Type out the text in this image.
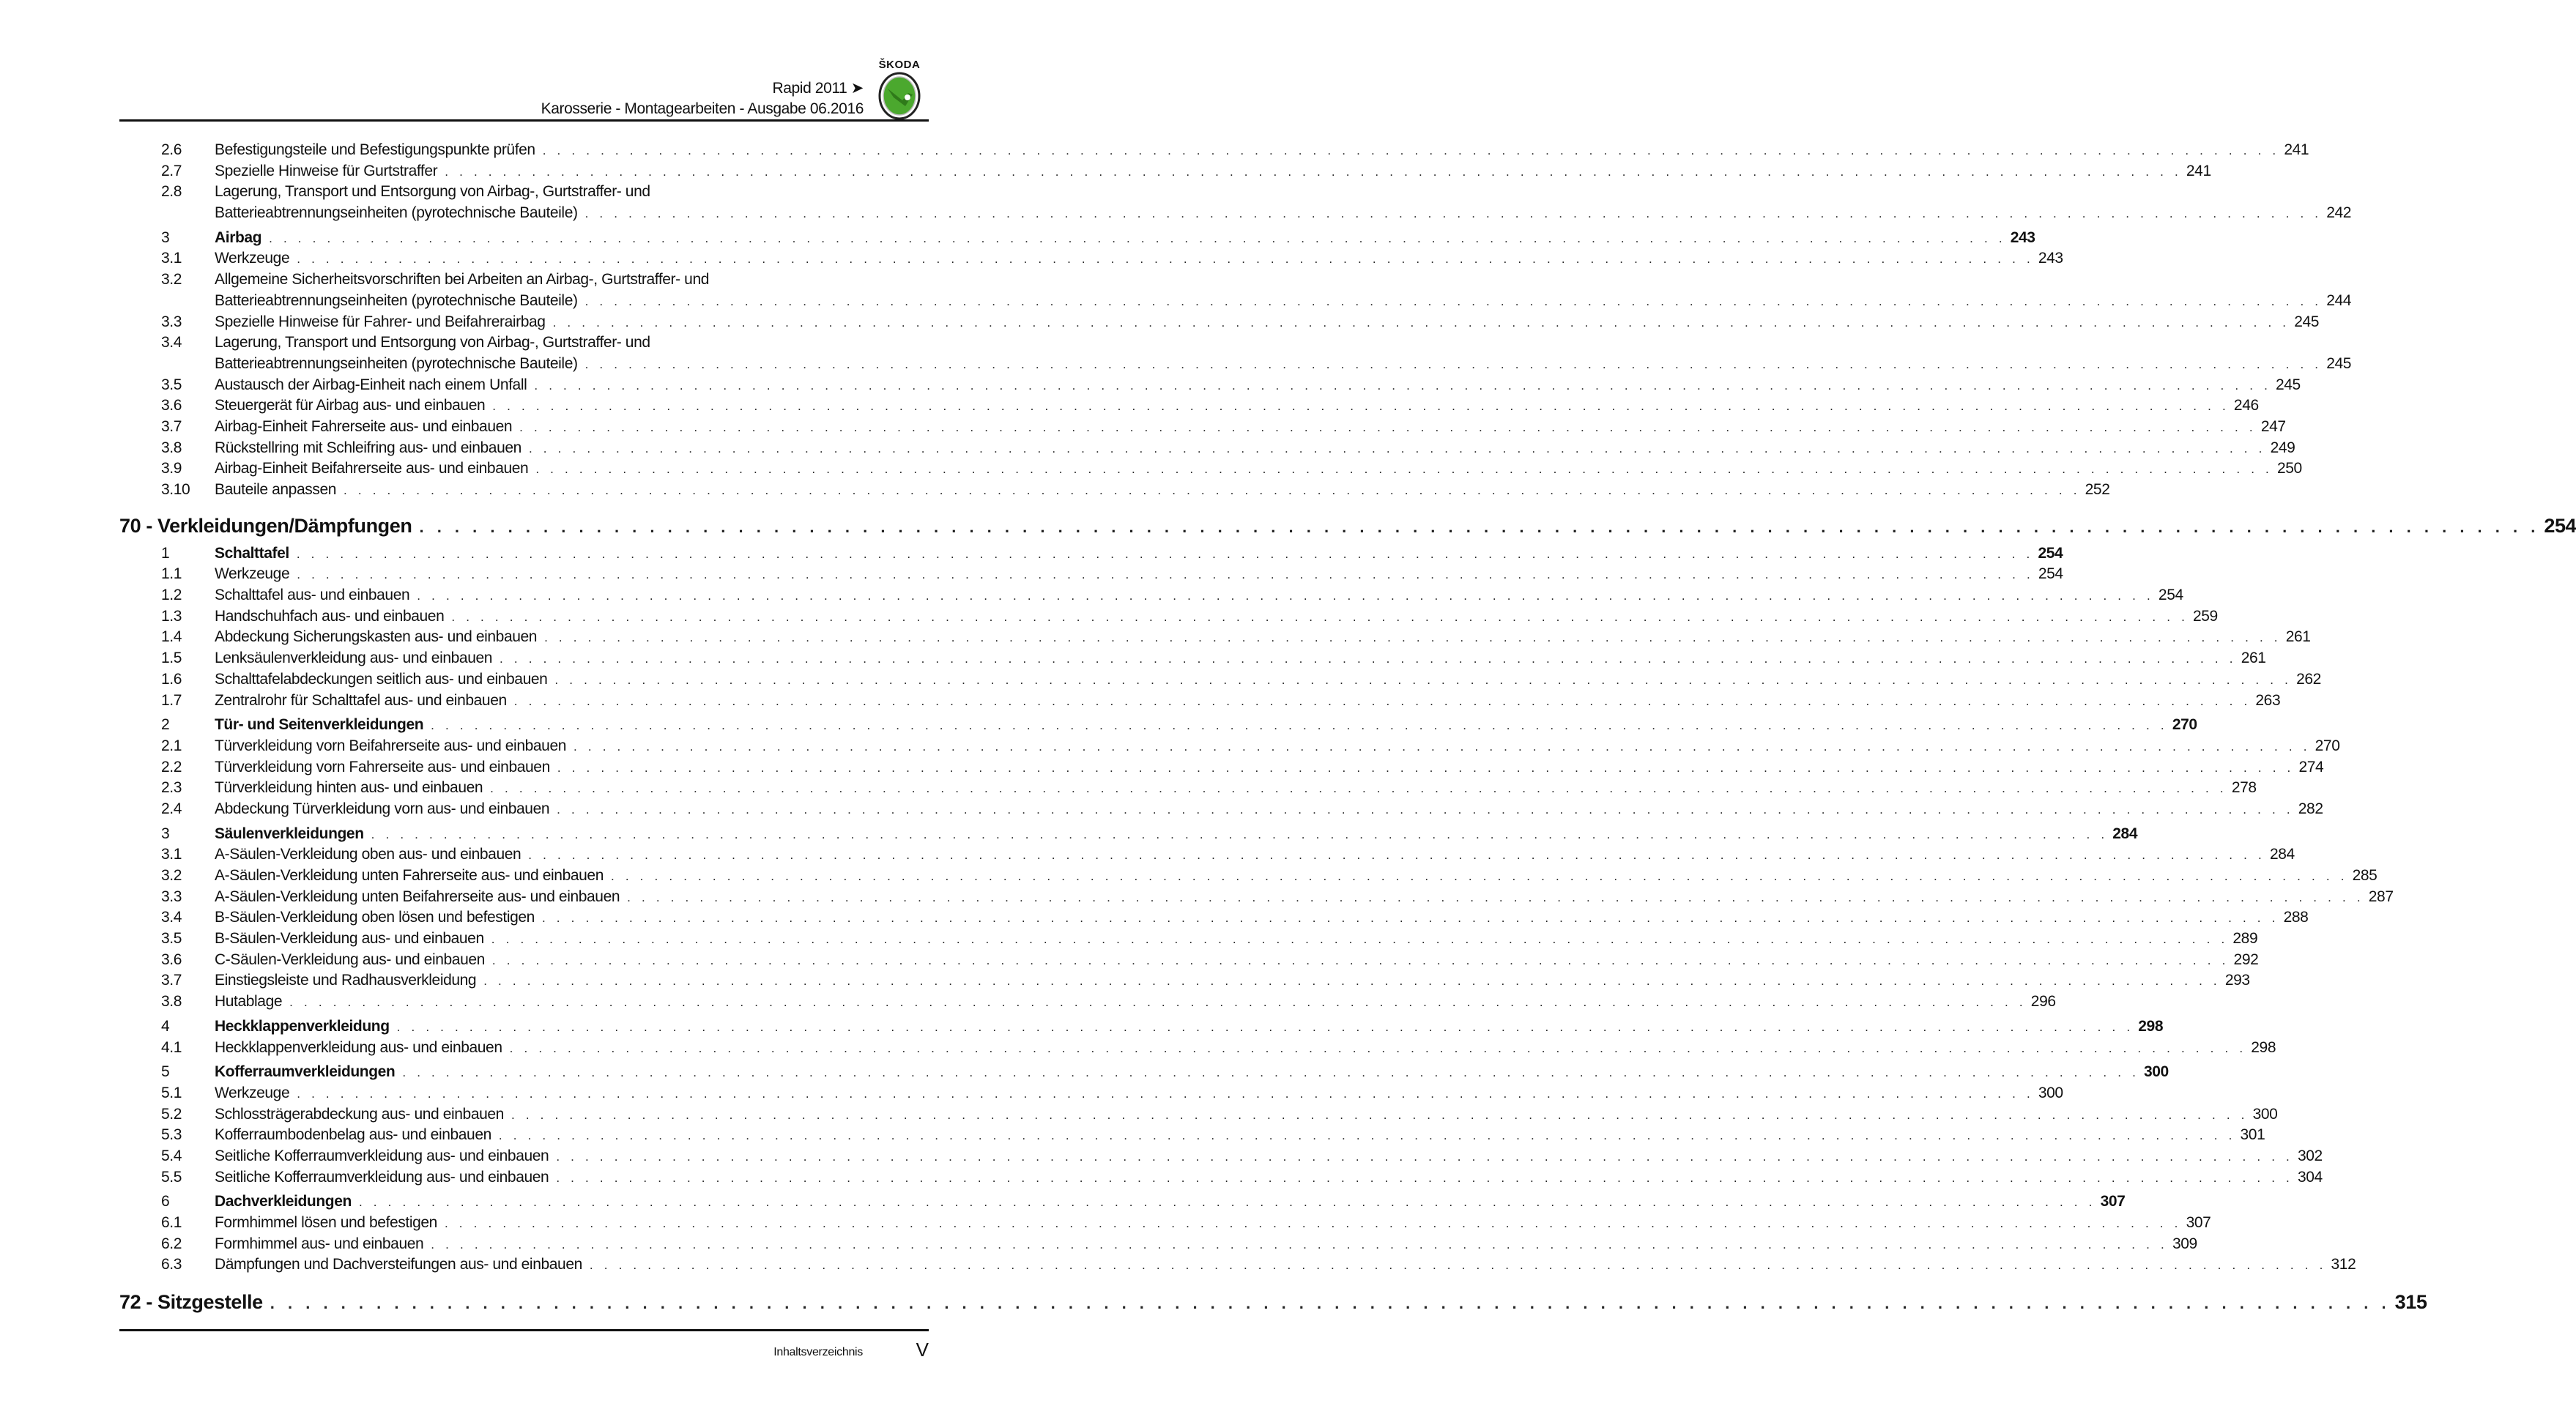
Rapid 2011 ➤
Karosserie - Montagearbeiten - Ausgabe 06.2016
ŠKODA
2.6	Befestigungsteile und Befestigungspunkte prüfen . . . . . . . . . . . . . . . . . . . . . . . . . . . . . . . . . . . . . . . . . . . . . . . . . . . . . . . . . . . . . . . . . . . . . . . . . . . . . . . . . . . . . . . . . . . . . . . . . . . . . . . . . . . . . . . . . . . . . . . . 241
2.7	Spezielle Hinweise für Gurtstraffer . . . . . . . . . . . . . . . . . . . . . . . . . . . . . . . . . . . . . . . . . . . . . . . . . . . . . . . . . . . . . . . . . . . . . . . . . . . . . . . . . . . . . . . . . . . . . . . . . . . . . . . . . . . . . . . . . . . . . . . . 241
2.8	Lagerung, Transport und Entsorgung von Airbag-, Gurtstraffer- und
Batterieabtrennungseinheiten (pyrotechnische Bauteile) . . . . . . . . . . . . . . . . . . . . . . . . . . . . . . . . . . . . . . . . . . . . . . . . . . . . . . . . . . . . . . . . . . . . . . . . . . . . . . . . . . . . . . . . . . . . . . . . . . . . . . . . . . . . . . . . . . . . . . . . 242
3	Airbag . . . . . . . . . . . . . . . . . . . . . . . . . . . . . . . . . . . . . . . . . . . . . . . . . . . . . . . . . . . . . . . . . . . . . . . . . . . . . . . . . . . . . . . . . . . . . . . . . . . . . . . . . . . . . . . . . . . . . . . . 243
3.1	Werkzeuge . . . . . . . . . . . . . . . . . . . . . . . . . . . . . . . . . . . . . . . . . . . . . . . . . . . . . . . . . . . . . . . . . . . . . . . . . . . . . . . . . . . . . . . . . . . . . . . . . . . . . . . . . . . . . . . . . . . . . . . . 243
3.2	Allgemeine Sicherheitsvorschriften bei Arbeiten an Airbag-, Gurtstraffer- und
Batterieabtrennungseinheiten (pyrotechnische Bauteile) . . . . . . . . . . . . . . . . . . . . . . . . . . . . . . . . . . . . . . . . . . . . . . . . . . . . . . . . . . . . . . . . . . . . . . . . . . . . . . . . . . . . . . . . . . . . . . . . . . . . . . . . . . . . . . . . . . . . . . . . 244
3.3	Spezielle Hinweise für Fahrer- und Beifahrerairbag . . . . . . . . . . . . . . . . . . . . . . . . . . . . . . . . . . . . . . . . . . . . . . . . . . . . . . . . . . . . . . . . . . . . . . . . . . . . . . . . . . . . . . . . . . . . . . . . . . . . . . . . . . . . . . . . . . . . . . . . 245
3.4	Lagerung, Transport und Entsorgung von Airbag-, Gurtstraffer- und
Batterieabtrennungseinheiten (pyrotechnische Bauteile) . . . . . . . . . . . . . . . . . . . . . . . . . . . . . . . . . . . . . . . . . . . . . . . . . . . . . . . . . . . . . . . . . . . . . . . . . . . . . . . . . . . . . . . . . . . . . . . . . . . . . . . . . . . . . . . . . . . . . . . . 245
3.5	Austausch der Airbag-Einheit nach einem Unfall . . . . . . . . . . . . . . . . . . . . . . . . . . . . . . . . . . . . . . . . . . . . . . . . . . . . . . . . . . . . . . . . . . . . . . . . . . . . . . . . . . . . . . . . . . . . . . . . . . . . . . . . . . . . . . . . . . . . . . . . 245
3.6	Steuergerät für Airbag aus- und einbauen . . . . . . . . . . . . . . . . . . . . . . . . . . . . . . . . . . . . . . . . . . . . . . . . . . . . . . . . . . . . . . . . . . . . . . . . . . . . . . . . . . . . . . . . . . . . . . . . . . . . . . . . . . . . . . . . . . . . . . . . 246
3.7	Airbag-Einheit Fahrerseite aus- und einbauen . . . . . . . . . . . . . . . . . . . . . . . . . . . . . . . . . . . . . . . . . . . . . . . . . . . . . . . . . . . . . . . . . . . . . . . . . . . . . . . . . . . . . . . . . . . . . . . . . . . . . . . . . . . . . . . . . . . . . . . . 247
3.8	Rückstellring mit Schleifring aus- und einbauen . . . . . . . . . . . . . . . . . . . . . . . . . . . . . . . . . . . . . . . . . . . . . . . . . . . . . . . . . . . . . . . . . . . . . . . . . . . . . . . . . . . . . . . . . . . . . . . . . . . . . . . . . . . . . . . . . . . . . . . . 249
3.9	Airbag-Einheit Beifahrerseite aus- und einbauen . . . . . . . . . . . . . . . . . . . . . . . . . . . . . . . . . . . . . . . . . . . . . . . . . . . . . . . . . . . . . . . . . . . . . . . . . . . . . . . . . . . . . . . . . . . . . . . . . . . . . . . . . . . . . . . . . . . . . . . . 250
3.10	Bauteile anpassen . . . . . . . . . . . . . . . . . . . . . . . . . . . . . . . . . . . . . . . . . . . . . . . . . . . . . . . . . . . . . . . . . . . . . . . . . . . . . . . . . . . . . . . . . . . . . . . . . . . . . . . . . . . . . . . . . . . . . . . . 252
70 - Verkleidungen/Dämpfungen . . . . . . . . . . . . . . . . . . . . . . . . . . . . . . . . . . . . . . . . . . . . . . . . . . . . . . . . . . . . . . . . . . . . . . . . . . . . . . . . . . . . . . . . . . . . . . . . . . . . . . . . . . . . . . . . . . . . . . . . 254
1	Schalttafel . . . . . . . . . . . . . . . . . . . . . . . . . . . . . . . . . . . . . . . . . . . . . . . . . . . . . . . . . . . . . . . . . . . . . . . . . . . . . . . . . . . . . . . . . . . . . . . . . . . . . . . . . . . . . . . . . . . . . . . . 254
1.1	Werkzeuge . . . . . . . . . . . . . . . . . . . . . . . . . . . . . . . . . . . . . . . . . . . . . . . . . . . . . . . . . . . . . . . . . . . . . . . . . . . . . . . . . . . . . . . . . . . . . . . . . . . . . . . . . . . . . . . . . . . . . . . . 254
1.2	Schalttafel aus- und einbauen . . . . . . . . . . . . . . . . . . . . . . . . . . . . . . . . . . . . . . . . . . . . . . . . . . . . . . . . . . . . . . . . . . . . . . . . . . . . . . . . . . . . . . . . . . . . . . . . . . . . . . . . . . . . . . . . . . . . . . . . 254
1.3	Handschuhfach aus- und einbauen . . . . . . . . . . . . . . . . . . . . . . . . . . . . . . . . . . . . . . . . . . . . . . . . . . . . . . . . . . . . . . . . . . . . . . . . . . . . . . . . . . . . . . . . . . . . . . . . . . . . . . . . . . . . . . . . . . . . . . . . 259
1.4	Abdeckung Sicherungskasten aus- und einbauen . . . . . . . . . . . . . . . . . . . . . . . . . . . . . . . . . . . . . . . . . . . . . . . . . . . . . . . . . . . . . . . . . . . . . . . . . . . . . . . . . . . . . . . . . . . . . . . . . . . . . . . . . . . . . . . . . . . . . . . . 261
1.5	Lenksäulenverkleidung aus- und einbauen . . . . . . . . . . . . . . . . . . . . . . . . . . . . . . . . . . . . . . . . . . . . . . . . . . . . . . . . . . . . . . . . . . . . . . . . . . . . . . . . . . . . . . . . . . . . . . . . . . . . . . . . . . . . . . . . . . . . . . . . 261
1.6	Schalttafelabdeckungen seitlich aus- und einbauen . . . . . . . . . . . . . . . . . . . . . . . . . . . . . . . . . . . . . . . . . . . . . . . . . . . . . . . . . . . . . . . . . . . . . . . . . . . . . . . . . . . . . . . . . . . . . . . . . . . . . . . . . . . . . . . . . . . . . . . . 262
1.7	Zentralrohr für Schalttafel aus- und einbauen . . . . . . . . . . . . . . . . . . . . . . . . . . . . . . . . . . . . . . . . . . . . . . . . . . . . . . . . . . . . . . . . . . . . . . . . . . . . . . . . . . . . . . . . . . . . . . . . . . . . . . . . . . . . . . . . . . . . . . . . 263
2	Tür- und Seitenverkleidungen . . . . . . . . . . . . . . . . . . . . . . . . . . . . . . . . . . . . . . . . . . . . . . . . . . . . . . . . . . . . . . . . . . . . . . . . . . . . . . . . . . . . . . . . . . . . . . . . . . . . . . . . . . . . . . . . . . . . . . . . 270
2.1	Türverkleidung vorn Beifahrerseite aus- und einbauen . . . . . . . . . . . . . . . . . . . . . . . . . . . . . . . . . . . . . . . . . . . . . . . . . . . . . . . . . . . . . . . . . . . . . . . . . . . . . . . . . . . . . . . . . . . . . . . . . . . . . . . . . . . . . . . . . . . . . . . . 270
2.2	Türverkleidung vorn Fahrerseite aus- und einbauen . . . . . . . . . . . . . . . . . . . . . . . . . . . . . . . . . . . . . . . . . . . . . . . . . . . . . . . . . . . . . . . . . . . . . . . . . . . . . . . . . . . . . . . . . . . . . . . . . . . . . . . . . . . . . . . . . . . . . . . . 274
2.3	Türverkleidung hinten aus- und einbauen . . . . . . . . . . . . . . . . . . . . . . . . . . . . . . . . . . . . . . . . . . . . . . . . . . . . . . . . . . . . . . . . . . . . . . . . . . . . . . . . . . . . . . . . . . . . . . . . . . . . . . . . . . . . . . . . . . . . . . . . 278
2.4	Abdeckung Türverkleidung vorn aus- und einbauen . . . . . . . . . . . . . . . . . . . . . . . . . . . . . . . . . . . . . . . . . . . . . . . . . . . . . . . . . . . . . . . . . . . . . . . . . . . . . . . . . . . . . . . . . . . . . . . . . . . . . . . . . . . . . . . . . . . . . . . . 282
3	Säulenverkleidungen . . . . . . . . . . . . . . . . . . . . . . . . . . . . . . . . . . . . . . . . . . . . . . . . . . . . . . . . . . . . . . . . . . . . . . . . . . . . . . . . . . . . . . . . . . . . . . . . . . . . . . . . . . . . . . . . . . . . . . . . 284
3.1	A-Säulen-Verkleidung oben aus- und einbauen . . . . . . . . . . . . . . . . . . . . . . . . . . . . . . . . . . . . . . . . . . . . . . . . . . . . . . . . . . . . . . . . . . . . . . . . . . . . . . . . . . . . . . . . . . . . . . . . . . . . . . . . . . . . . . . . . . . . . . . . 284
3.2	A-Säulen-Verkleidung unten Fahrerseite aus- und einbauen . . . . . . . . . . . . . . . . . . . . . . . . . . . . . . . . . . . . . . . . . . . . . . . . . . . . . . . . . . . . . . . . . . . . . . . . . . . . . . . . . . . . . . . . . . . . . . . . . . . . . . . . . . . . . . . . . . . . . . . . 285
3.3	A-Säulen-Verkleidung unten Beifahrerseite aus- und einbauen . . . . . . . . . . . . . . . . . . . . . . . . . . . . . . . . . . . . . . . . . . . . . . . . . . . . . . . . . . . . . . . . . . . . . . . . . . . . . . . . . . . . . . . . . . . . . . . . . . . . . . . . . . . . . . . . . . . . . . . . 287
3.4	B-Säulen-Verkleidung oben lösen und befestigen . . . . . . . . . . . . . . . . . . . . . . . . . . . . . . . . . . . . . . . . . . . . . . . . . . . . . . . . . . . . . . . . . . . . . . . . . . . . . . . . . . . . . . . . . . . . . . . . . . . . . . . . . . . . . . . . . . . . . . . . 288
3.5	B-Säulen-Verkleidung aus- und einbauen . . . . . . . . . . . . . . . . . . . . . . . . . . . . . . . . . . . . . . . . . . . . . . . . . . . . . . . . . . . . . . . . . . . . . . . . . . . . . . . . . . . . . . . . . . . . . . . . . . . . . . . . . . . . . . . . . . . . . . . . 289
3.6	C-Säulen-Verkleidung aus- und einbauen . . . . . . . . . . . . . . . . . . . . . . . . . . . . . . . . . . . . . . . . . . . . . . . . . . . . . . . . . . . . . . . . . . . . . . . . . . . . . . . . . . . . . . . . . . . . . . . . . . . . . . . . . . . . . . . . . . . . . . . . 292
3.7	Einstiegsleiste und Radhausverkleidung . . . . . . . . . . . . . . . . . . . . . . . . . . . . . . . . . . . . . . . . . . . . . . . . . . . . . . . . . . . . . . . . . . . . . . . . . . . . . . . . . . . . . . . . . . . . . . . . . . . . . . . . . . . . . . . . . . . . . . . . 293
3.8	Hutablage . . . . . . . . . . . . . . . . . . . . . . . . . . . . . . . . . . . . . . . . . . . . . . . . . . . . . . . . . . . . . . . . . . . . . . . . . . . . . . . . . . . . . . . . . . . . . . . . . . . . . . . . . . . . . . . . . . . . . . . . 296
4	Heckklappenverkleidung . . . . . . . . . . . . . . . . . . . . . . . . . . . . . . . . . . . . . . . . . . . . . . . . . . . . . . . . . . . . . . . . . . . . . . . . . . . . . . . . . . . . . . . . . . . . . . . . . . . . . . . . . . . . . . . . . . . . . . . . 298
4.1	Heckklappenverkleidung aus- und einbauen . . . . . . . . . . . . . . . . . . . . . . . . . . . . . . . . . . . . . . . . . . . . . . . . . . . . . . . . . . . . . . . . . . . . . . . . . . . . . . . . . . . . . . . . . . . . . . . . . . . . . . . . . . . . . . . . . . . . . . . . 298
5	Kofferraumverkleidungen . . . . . . . . . . . . . . . . . . . . . . . . . . . . . . . . . . . . . . . . . . . . . . . . . . . . . . . . . . . . . . . . . . . . . . . . . . . . . . . . . . . . . . . . . . . . . . . . . . . . . . . . . . . . . . . . . . . . . . . . 300
5.1	Werkzeuge . . . . . . . . . . . . . . . . . . . . . . . . . . . . . . . . . . . . . . . . . . . . . . . . . . . . . . . . . . . . . . . . . . . . . . . . . . . . . . . . . . . . . . . . . . . . . . . . . . . . . . . . . . . . . . . . . . . . . . . . 300
5.2	Schlossträgerabdeckung aus- und einbauen . . . . . . . . . . . . . . . . . . . . . . . . . . . . . . . . . . . . . . . . . . . . . . . . . . . . . . . . . . . . . . . . . . . . . . . . . . . . . . . . . . . . . . . . . . . . . . . . . . . . . . . . . . . . . . . . . . . . . . . . 300
5.3	Kofferraumbodenbelag aus- und einbauen . . . . . . . . . . . . . . . . . . . . . . . . . . . . . . . . . . . . . . . . . . . . . . . . . . . . . . . . . . . . . . . . . . . . . . . . . . . . . . . . . . . . . . . . . . . . . . . . . . . . . . . . . . . . . . . . . . . . . . . . 301
5.4	Seitliche Kofferraumverkleidung aus- und einbauen . . . . . . . . . . . . . . . . . . . . . . . . . . . . . . . . . . . . . . . . . . . . . . . . . . . . . . . . . . . . . . . . . . . . . . . . . . . . . . . . . . . . . . . . . . . . . . . . . . . . . . . . . . . . . . . . . . . . . . . . 302
5.5	Seitliche Kofferraumverkleidung aus- und einbauen . . . . . . . . . . . . . . . . . . . . . . . . . . . . . . . . . . . . . . . . . . . . . . . . . . . . . . . . . . . . . . . . . . . . . . . . . . . . . . . . . . . . . . . . . . . . . . . . . . . . . . . . . . . . . . . . . . . . . . . . 304
6	Dachverkleidungen . . . . . . . . . . . . . . . . . . . . . . . . . . . . . . . . . . . . . . . . . . . . . . . . . . . . . . . . . . . . . . . . . . . . . . . . . . . . . . . . . . . . . . . . . . . . . . . . . . . . . . . . . . . . . . . . . . . . . . . . 307
6.1	Formhimmel lösen und befestigen . . . . . . . . . . . . . . . . . . . . . . . . . . . . . . . . . . . . . . . . . . . . . . . . . . . . . . . . . . . . . . . . . . . . . . . . . . . . . . . . . . . . . . . . . . . . . . . . . . . . . . . . . . . . . . . . . . . . . . . . 307
6.2	Formhimmel aus- und einbauen . . . . . . . . . . . . . . . . . . . . . . . . . . . . . . . . . . . . . . . . . . . . . . . . . . . . . . . . . . . . . . . . . . . . . . . . . . . . . . . . . . . . . . . . . . . . . . . . . . . . . . . . . . . . . . . . . . . . . . . . 309
6.3	Dämpfungen und Dachversteifungen aus- und einbauen . . . . . . . . . . . . . . . . . . . . . . . . . . . . . . . . . . . . . . . . . . . . . . . . . . . . . . . . . . . . . . . . . . . . . . . . . . . . . . . . . . . . . . . . . . . . . . . . . . . . . . . . . . . . . . . . . . . . . . . . 312
72 - Sitzgestelle . . . . . . . . . . . . . . . . . . . . . . . . . . . . . . . . . . . . . . . . . . . . . . . . . . . . . . . . . . . . . . . . . . . . . . . . . . . . . . . . . . . . . . . . . . . . . . . . . . . . . . . . . . . . . . . . . . . . . . . . 315
Inhaltsverzeichnis	V
